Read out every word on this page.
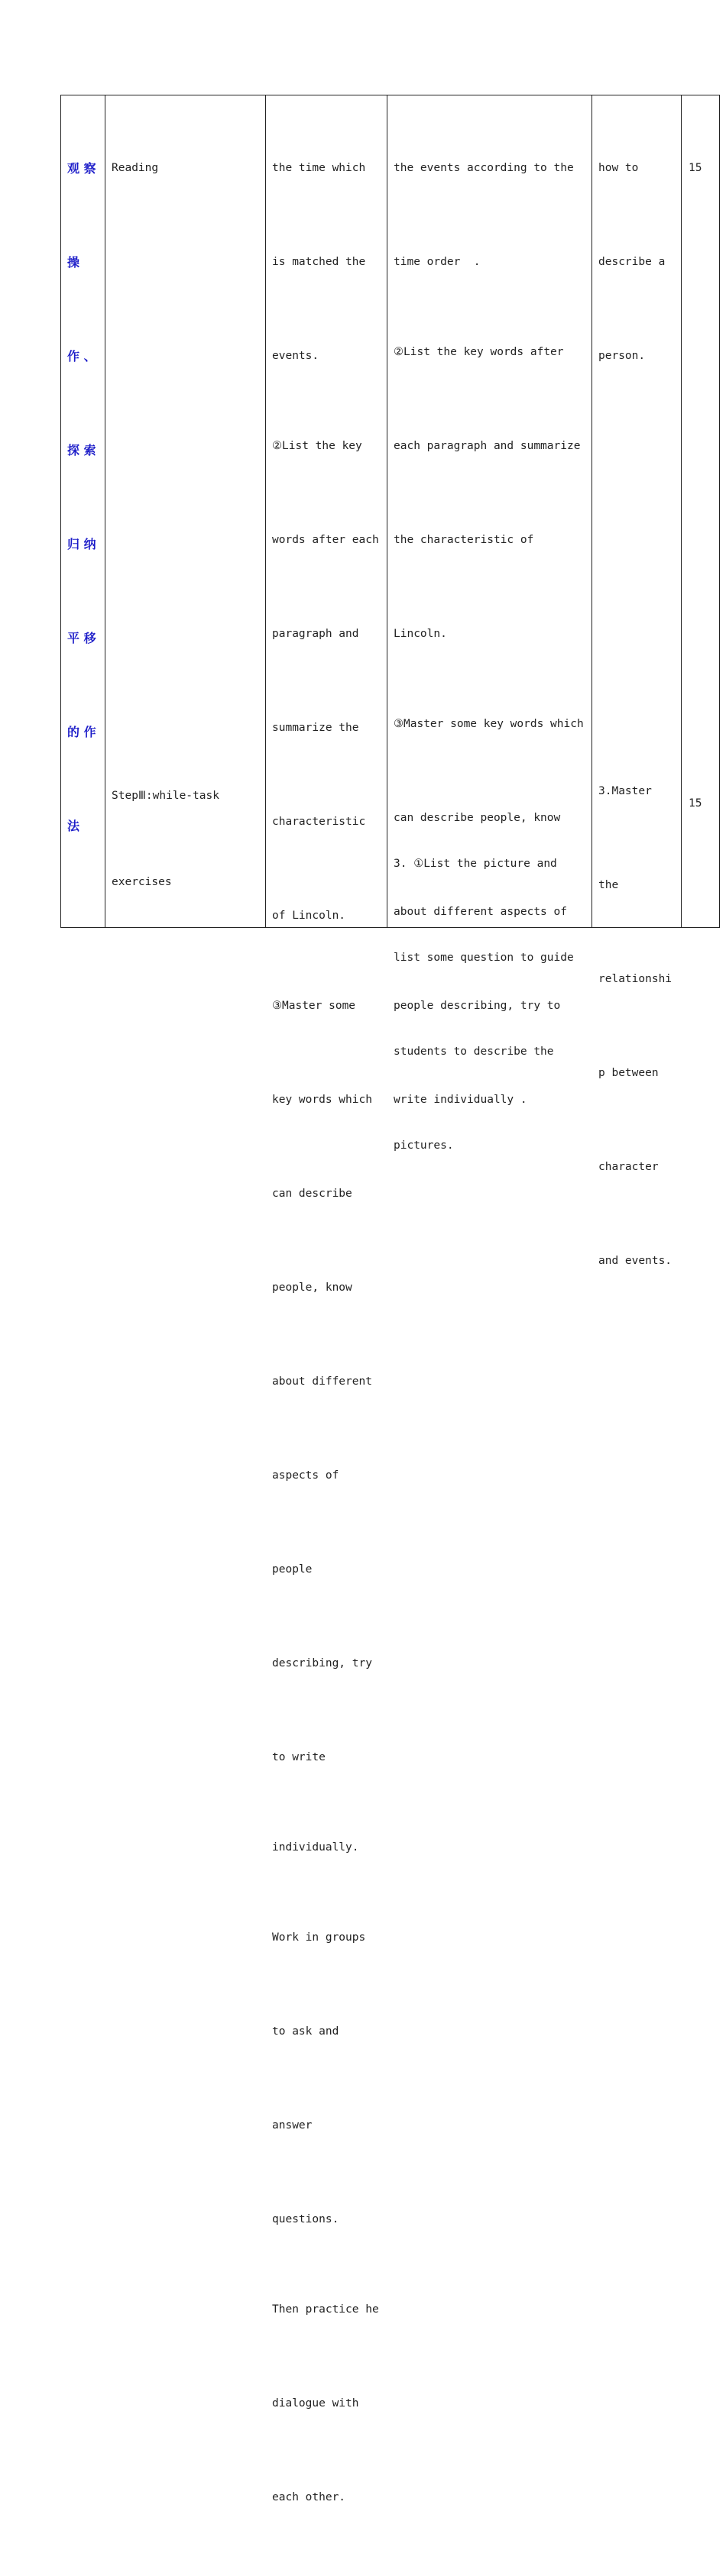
观 察

操

作 、

探 索

归 纳

平 移

的 作

法

Reading

StepⅢ:while-task

exercises

the time which

is matched the

events.

②List the key

words after each

paragraph and

summarize the

characteristic

of Lincoln.

③Master some

key words which

can describe

people, know

about different

aspects of

people

describing, try

to write

individually.

Work in groups

to ask and

answer

questions.

Then practice he

dialogue with

each other.

the events according to the

time order  .

②List the key words after

each paragraph and summarize

the characteristic of

Lincoln.

③Master some key words which

can describe people, know

about different aspects of

people describing, try to

write individually .

3. ①List the picture and

list some question to guide

students to describe the

pictures.

how to

describe a

person.

3.Master

the

relationshi

p between

character

and events.

15

15
